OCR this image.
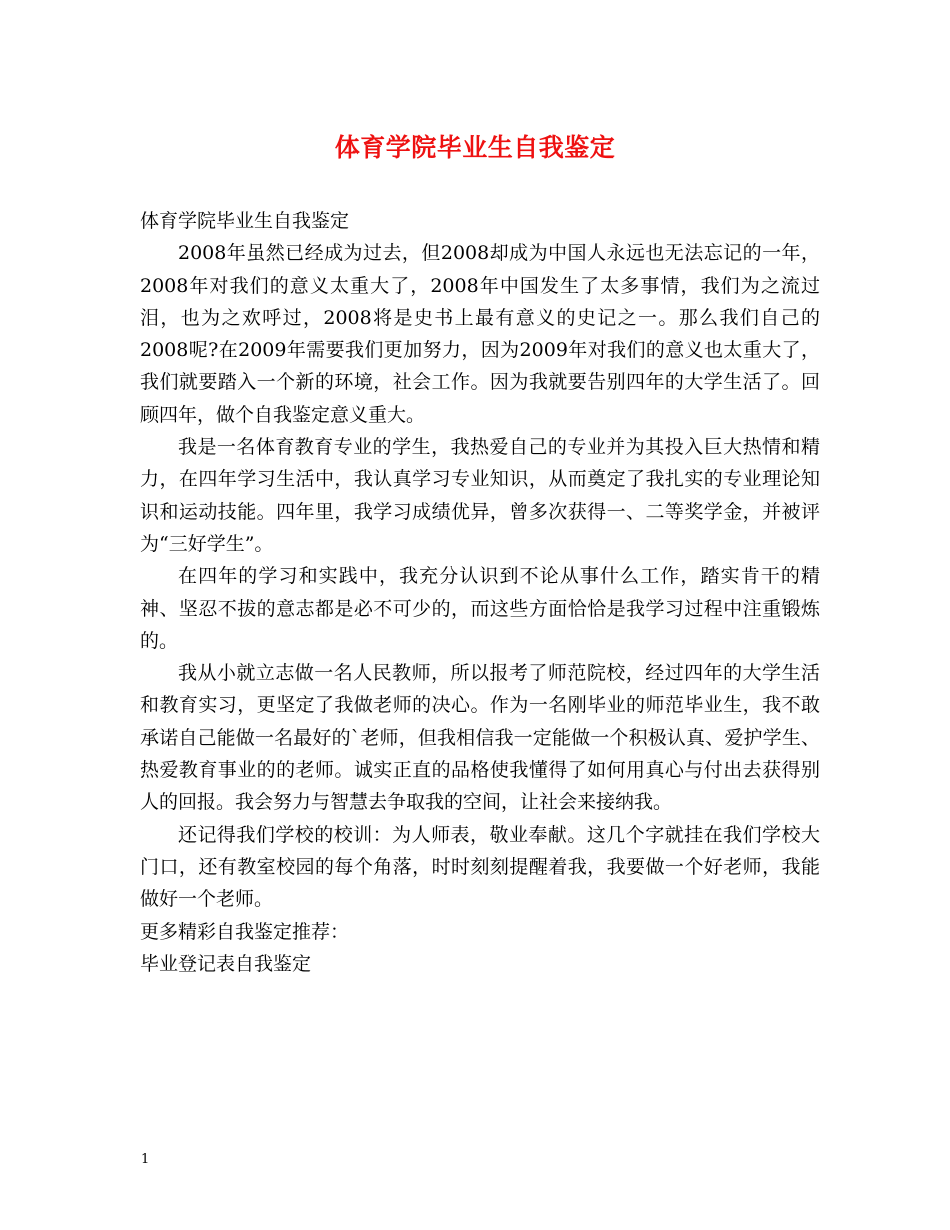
体育学院毕业生自我鉴定

体育学院毕业生自我鉴定

2008年虽然已经成为过去，但2008却成为中国人永远也无法忘记的一年，2008年对我们的意义太重大了，2008年中国发生了太多事情，我们为之流过泪，也为之欢呼过，2008将是史书上最有意义的史记之一。那么我们自己的2008呢?在2009年需要我们更加努力，因为2009年对我们的意义也太重大了，我们就要踏入一个新的环境，社会工作。因为我就要告别四年的大学生活了。回顾四年，做个自我鉴定意义重大。

我是一名体育教育专业的学生，我热爱自己的专业并为其投入巨大热情和精力，在四年学习生活中，我认真学习专业知识，从而奠定了我扎实的专业理论知识和运动技能。四年里，我学习成绩优异，曾多次获得一、二等奖学金，并被评为“三好学生”。

在四年的学习和实践中，我充分认识到不论从事什么工作，踏实肯干的精神、坚忍不拔的意志都是必不可少的，而这些方面恰恰是我学习过程中注重锻炼的。

我从小就立志做一名人民教师，所以报考了师范院校，经过四年的大学生活和教育实习，更坚定了我做老师的决心。作为一名刚毕业的师范毕业生，我不敢承诺自己能做一名最好的`老师，但我相信我一定能做一个积极认真、爱护学生、热爱教育事业的的老师。诚实正直的品格使我懂得了如何用真心与付出去获得别人的回报。我会努力与智慧去争取我的空间，让社会来接纳我。

还记得我们学校的校训：为人师表，敬业奉献。这几个字就挂在我们学校大门口，还有教室校园的每个角落，时时刻刻提醒着我，我要做一个好老师，我能做好一个老师。

更多精彩自我鉴定推荐：

毕业登记表自我鉴定

1
